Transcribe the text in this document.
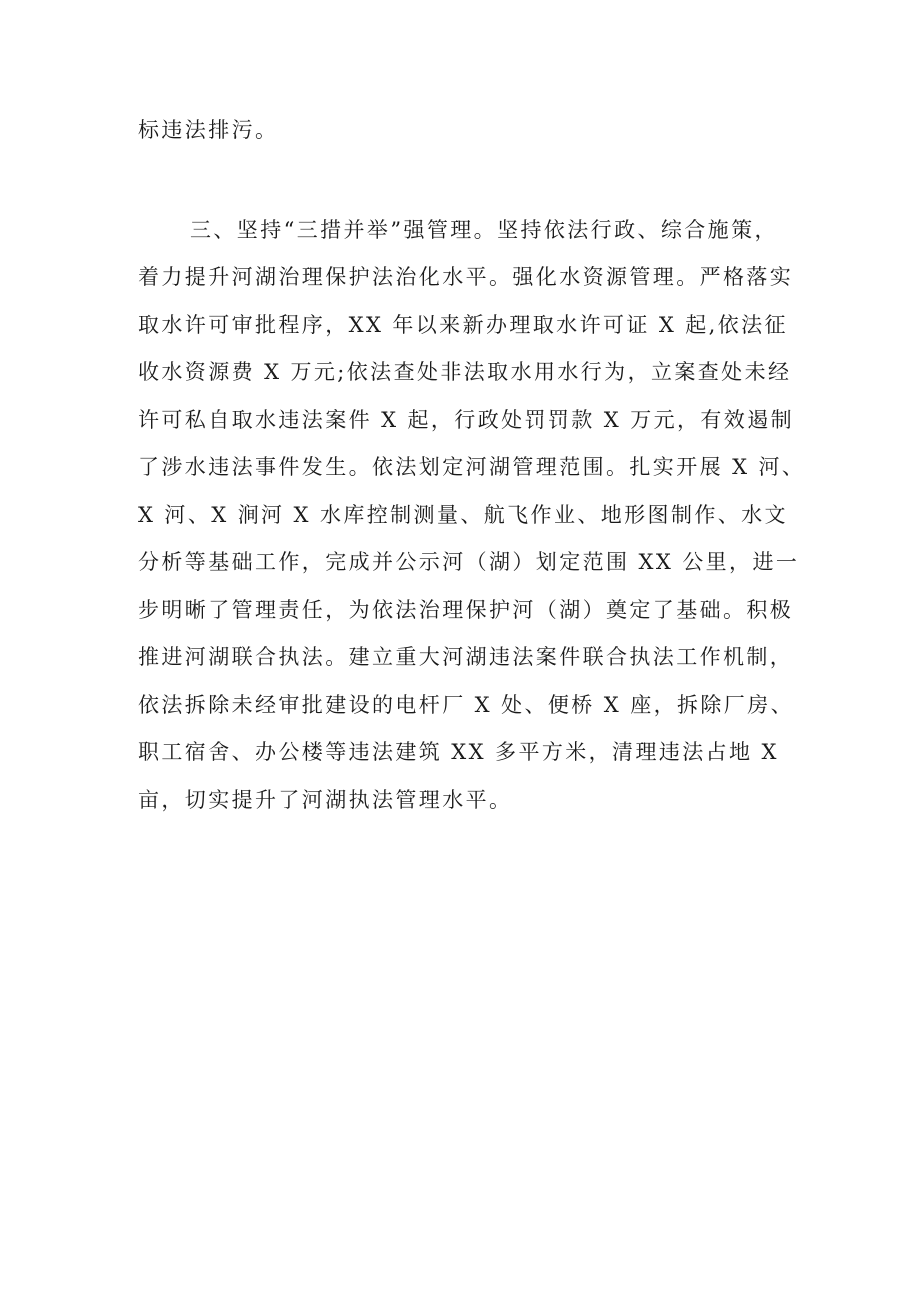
标违法排污。
三、坚持“三措并举”强管理。坚持依法行政、综合施策，
着力提升河湖治理保护法治化水平。强化水资源管理。严格落实
取水许可审批程序，XX 年以来新办理取水许可证 X 起,依法征
收水资源费 X 万元;依法查处非法取水用水行为，立案查处未经
许可私自取水违法案件 X 起，行政处罚罚款 X 万元，有效遏制
了涉水违法事件发生。依法划定河湖管理范围。扎实开展 X 河、
X 河、X 涧河 X 水库控制测量、航飞作业、地形图制作、水文
分析等基础工作，完成并公示河（湖）划定范围 XX 公里，进一
步明晰了管理责任，为依法治理保护河（湖）奠定了基础。积极
推进河湖联合执法。建立重大河湖违法案件联合执法工作机制，
依法拆除未经审批建设的电杆厂 X 处、便桥 X 座，拆除厂房、
职工宿舍、办公楼等违法建筑 XX 多平方米，清理违法占地 X
亩，切实提升了河湖执法管理水平。
